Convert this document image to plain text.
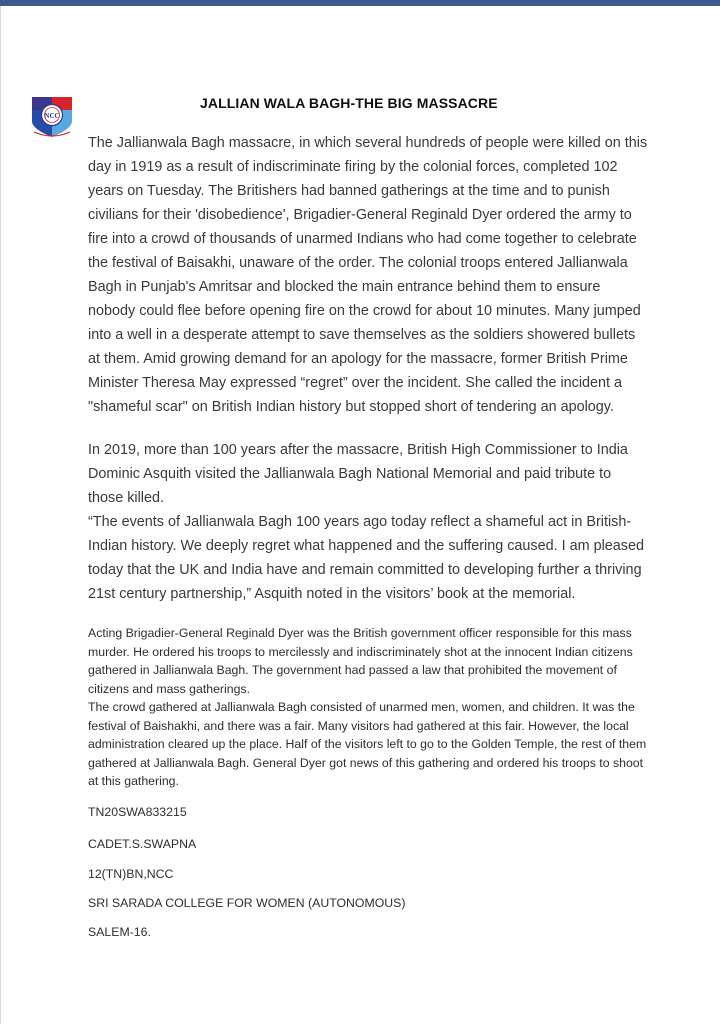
NCC
JALLIAN WALA BAGH-THE BIG MASSACRE

The Jallianwala Bagh massacre, in which several hundreds of people were killed on this day in 1919 as a result of indiscriminate firing by the colonial forces, completed 102 years on Tuesday. The Britishers had banned gatherings at the time and to punish civilians for their 'disobedience', Brigadier-General Reginald Dyer ordered the army to fire into a crowd of thousands of unarmed Indians who had come together to celebrate the festival of Baisakhi, unaware of the order. The colonial troops entered Jallianwala Bagh in Punjab's Amritsar and blocked the main entrance behind them to ensure nobody could flee before opening fire on the crowd for about 10 minutes. Many jumped into a well in a desperate attempt to save themselves as the soldiers showered bullets at them. Amid growing demand for an apology for the massacre, former British Prime Minister Theresa May expressed “regret” over the incident. She called the incident a "shameful scar" on British Indian history but stopped short of tendering an apology.

In 2019, more than 100 years after the massacre, British High Commissioner to India Dominic Asquith visited the Jallianwala Bagh National Memorial and paid tribute to those killed.

“The events of Jallianwala Bagh 100 years ago today reflect a shameful act in British-Indian history. We deeply regret what happened and the suffering caused. I am pleased today that the UK and India have and remain committed to developing further a thriving 21st century partnership,” Asquith noted in the visitors’ book at the memorial.

Acting Brigadier-General Reginald Dyer was the British government officer responsible for this mass murder. He ordered his troops to mercilessly and indiscriminately shot at the innocent Indian citizens gathered in Jallianwala Bagh. The government had passed a law that prohibited the movement of citizens and mass gatherings.

The crowd gathered at Jallianwala Bagh consisted of unarmed men, women, and children. It was the festival of Baishakhi, and there was a fair. Many visitors had gathered at this fair. However, the local administration cleared up the place. Half of the visitors left to go to the Golden Temple, the rest of them gathered at Jallianwala Bagh. General Dyer got news of this gathering and ordered his troops to shoot at this gathering.

TN20SWA833215
CADET.S.SWAPNA
12(TN)BN,NCC
SRI SARADA COLLEGE FOR WOMEN (AUTONOMOUS)
SALEM-16.
